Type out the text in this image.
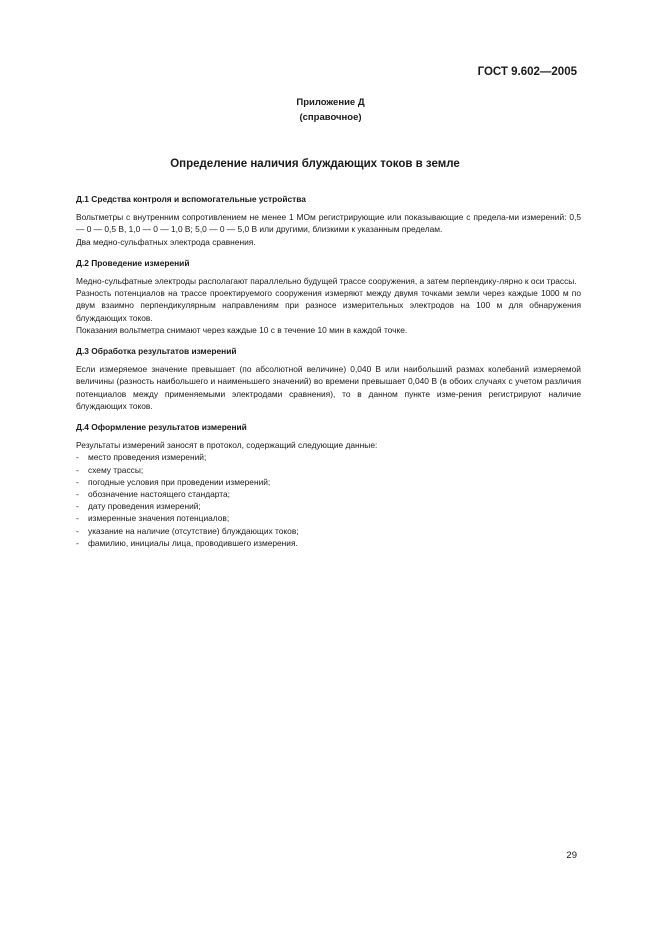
ГОСТ 9.602—2005
Приложение Д
(справочное)
Определение наличия блуждающих токов в земле
Д.1 Средства контроля и вспомогательные устройства

Вольтметры с внутренним сопротивлением не менее 1 МОм регистрирующие или показывающие с предела-ми измерений: 0,5 — 0 — 0,5 В, 1,0 — 0 — 1,0 В; 5,0 — 0 — 5,0 В или другими, близкими к указанным пределам.

Два медно-сульфатных электрода сравнения.

Д.2 Проведение измерений

Медно-сульфатные электроды располагают параллельно будущей трассе сооружения, а затем перпендику-лярно к оси трассы.

Разность потенциалов на трассе проектируемого сооружения измеряют между двумя точками земли через каждые 1000 м по двум взаимно перпендикулярным направлениям при разносе измерительных электродов на 100 м для обнаружения блуждающих токов.

Показания вольтметра снимают через каждые 10 с в течение 10 мин в каждой точке.

Д.3 Обработка результатов измерений

Если измеряемое значение превышает (по абсолютной величине) 0,040 В или наибольший размах колебаний измеряемой величины (разность наибольшего и наименьшего значений) во времени превышает 0,040 В (в обоих случаях с учетом различия потенциалов между применяемыми электродами сравнения), то в данном пункте изме-рения регистрируют наличие блуждающих токов.

Д.4 Оформление результатов измерений

Результаты измерений заносят в протокол, содержащий следующие данные:

- место проведения измерений;
- схему трассы;
- погодные условия при проведении измерений;
- обозначение настоящего стандарта;
- дату проведения измерений;
- измеренные значения потенциалов;
- указание на наличие (отсутствие) блуждающих токов;
- фамилию, инициалы лица, проводившего измерения.
29
